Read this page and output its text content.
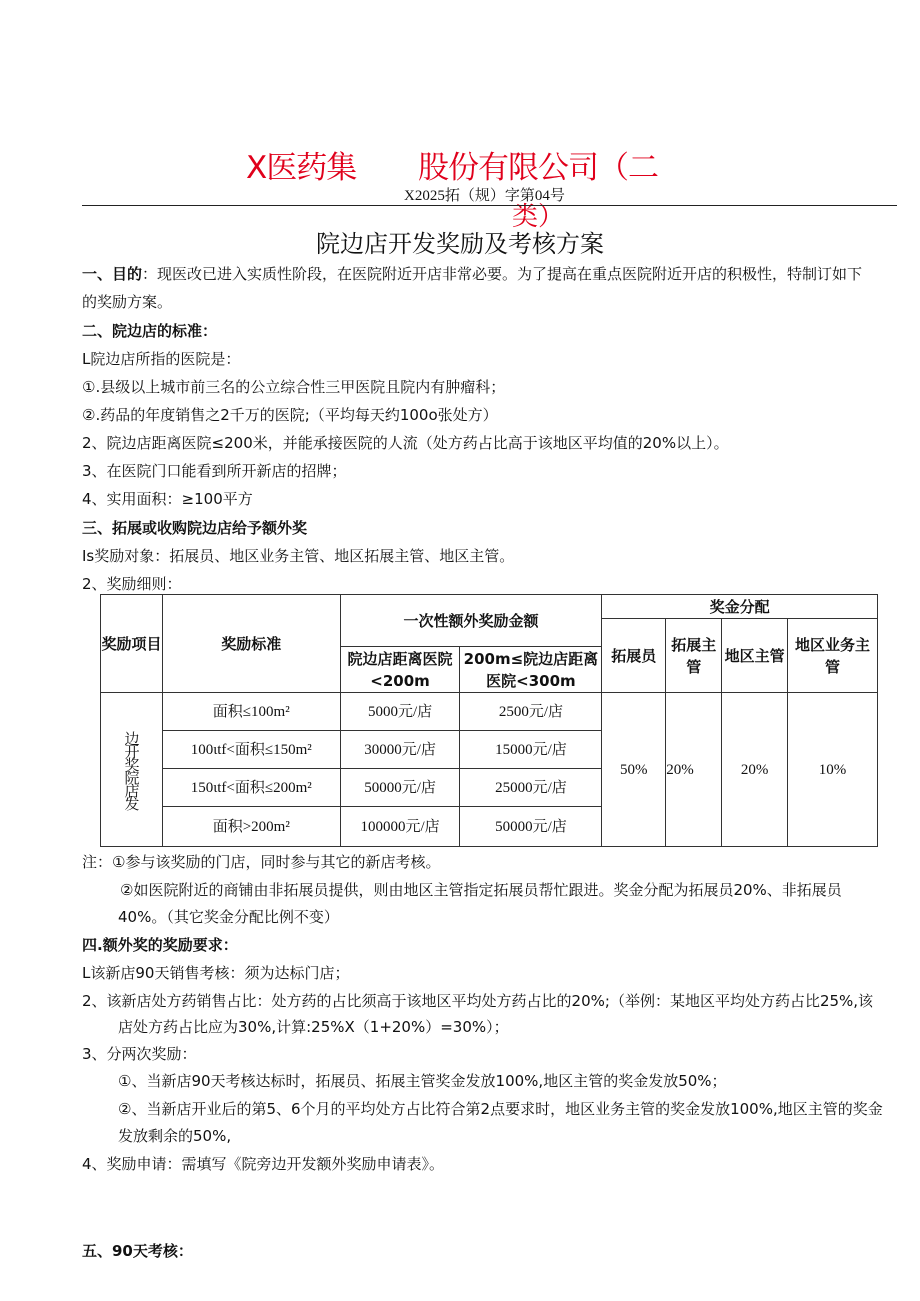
X医药集 股份有限公司（二
X2025拓（规）字第04号
类）
院边店开发奖励及考核方案
一、目的：现医改已进入实质性阶段，在医院附近开店非常必要。为了提高在重点医院附近开店的积极性，特制订如下
的奖励方案。
二、院边店的标准：
L院边店所指的医院是：
①.县级以上城市前三名的公立综合性三甲医院且院内有肿瘤科；
②.药品的年度销售之2千万的医院;（平均每天约100o张处方）
2、院边店距离医院≤200米，并能承接医院的人流（处方药占比高于该地区平均值的20%以上）。
3、在医院门口能看到所开新店的招牌；
4、实用面积：≥100平方
三、拓展或收购院边店给予额外奖
Is奖励对象：拓展员、地区业务主管、地区拓展主管、地区主管。
2、奖励细则：
奖励项目	奖励标准	一次性额外奖励金额		奖金分配			
				拓展员	拓展主管	地区主管	地区业务主管
		院边店距离医院<200m	200m≤院边店距离医院<300m				

边开奖院店发	面积≤100m²	5000元/店	2500元/店	50%	20%	20%	10%
	100ιtf<面积≤150m²	30000元/店	15000元/店				
	150ιtf<面积≤200m²	50000元/店	25000元/店				
	面积>200m²	100000元/店	50000元/店				
注：①参与该奖励的门店，同时参与其它的新店考核。
②如医院附近的商铺由非拓展员提供，则由地区主管指定拓展员帮忙跟进。奖金分配为拓展员20%、非拓展员
40%。（其它奖金分配比例不变）
四.额外奖的奖励要求：
L该新店90天销售考核：须为达标门店；
2、该新店处方药销售占比：处方药的占比须高于该地区平均处方药占比的20%;（举例：某地区平均处方药占比25%,该
店处方药占比应为30%,计算:25%X（1+20%）=30%）；
3、分两次奖励：
①、当新店90天考核达标时，拓展员、拓展主管奖金发放100%,地区主管的奖金发放50%；
②、当新店开业后的第5、6个月的平均处方占比符合第2点要求时，地区业务主管的奖金发放100%,地区主管的奖金
发放剩余的50%,
4、奖励申请：需填写《院旁边开发额外奖励申请表》。
五、90天考核：
